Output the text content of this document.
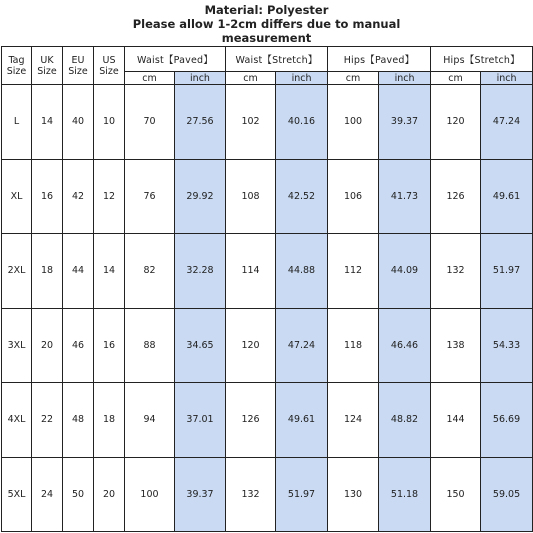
Material: Polyester
Please allow 1-2cm differs due to manual
measurement
Tag Size	UK Size	EU Size	US Size	Waist【Paved】		Waist【Stretch】		Hips【Paved】		Hips【Stretch】	
				cm	inch	cm	inch	cm	inch	cm	inch
L	14	40	10	70	27.56	102	40.16	100	39.37	120	47.24
XL	16	42	12	76	29.92	108	42.52	106	41.73	126	49.61
2XL	18	44	14	82	32.28	114	44.88	112	44.09	132	51.97
3XL	20	46	16	88	34.65	120	47.24	118	46.46	138	54.33
4XL	22	48	18	94	37.01	126	49.61	124	48.82	144	56.69
5XL	24	50	20	100	39.37	132	51.97	130	51.18	150	59.05
